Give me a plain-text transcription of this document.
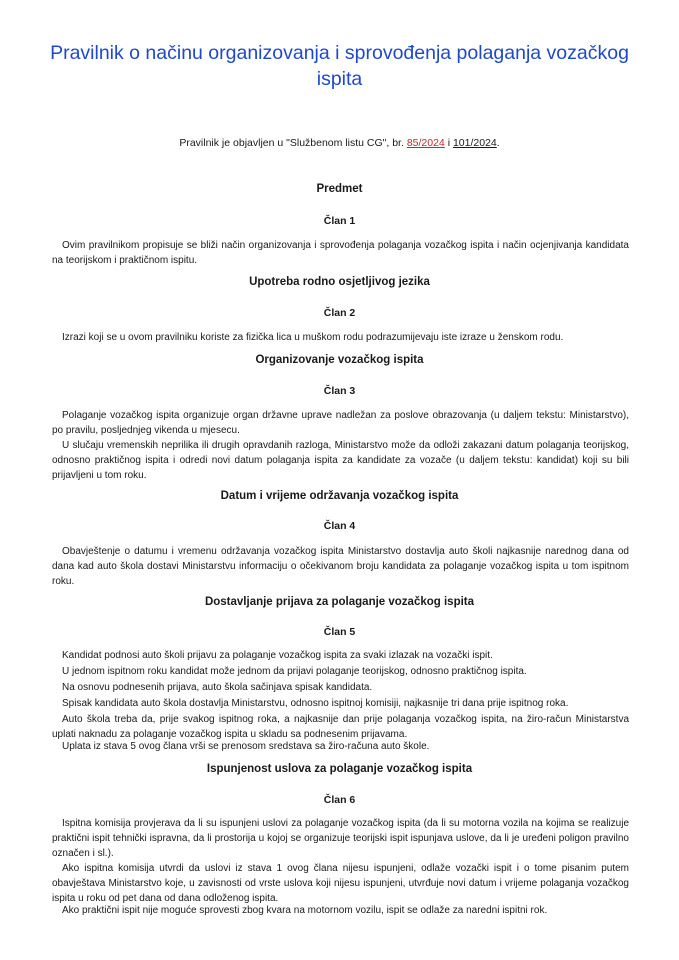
Pravilnik o načinu organizovanja i sprovođenja polaganja vozačkog ispita
Pravilnik je objavljen u "Službenom listu CG", br. 85/2024 i 101/2024.
Predmet
Član 1

Ovim pravilnikom propisuje se bliži način organizovanja i sprovođenja polaganja vozačkog ispita i način ocjenjivanja kandidata na teorijskom i praktičnom ispitu.

Upotreba rodno osjetljivog jezika
Član 2

Izrazi koji se u ovom pravilniku koriste za fizička lica u muškom rodu podrazumijevaju iste izraze u ženskom rodu.

Organizovanje vozačkog ispita
Član 3

Polaganje vozačkog ispita organizuje organ državne uprave nadležan za poslove obrazovanja (u daljem tekstu: Ministarstvo), po pravilu, posljednjeg vikenda u mjesecu.

U slučaju vremenskih neprilika ili drugih opravdanih razloga, Ministarstvo može da odloži zakazani datum polaganja teorijskog, odnosno praktičnog ispita i odredi novi datum polaganja ispita za kandidate za vozače (u daljem tekstu: kandidat) koji su bili prijavljeni u tom roku.

Datum i vrijeme održavanja vozačkog ispita
Član 4

Obavještenje o datumu i vremenu održavanja vozačkog ispita Ministarstvo dostavlja auto školi najkasnije narednog dana od dana kad auto škola dostavi Ministarstvu informaciju o očekivanom broju kandidata za polaganje vozačkog ispita u tom ispitnom roku.

Dostavljanje prijava za polaganje vozačkog ispita
Član 5

Kandidat podnosi auto školi prijavu za polaganje vozačkog ispita za svaki izlazak na vozački ispit.

U jednom ispitnom roku kandidat može jednom da prijavi polaganje teorijskog, odnosno praktičnog ispita.

Na osnovu podnesenih prijava, auto škola sačinjava spisak kandidata.

Spisak kandidata auto škola dostavlja Ministarstvu, odnosno ispitnoj komisiji, najkasnije tri dana prije ispitnog roka.

Auto škola treba da, prije svakog ispitnog roka, a najkasnije dan prije polaganja vozačkog ispita, na žiro-račun Ministarstva uplati naknadu za polaganje vozačkog ispita u skladu sa podnesenim prijavama.

Uplata iz stava 5 ovog člana vrši se prenosom sredstava sa žiro-računa auto škole.

Ispunjenost uslova za polaganje vozačkog ispita
Član 6

Ispitna komisija provjerava da li su ispunjeni uslovi za polaganje vozačkog ispita (da li su motorna vozila na kojima se realizuje praktični ispit tehnički ispravna, da li prostorija u kojoj se organizuje teorijski ispit ispunjava uslove, da li je uređeni poligon pravilno označen i sl.).

Ako ispitna komisija utvrdi da uslovi iz stava 1 ovog člana nijesu ispunjeni, odlaže vozački ispit i o tome pisanim putem obavještava Ministarstvo koje, u zavisnosti od vrste uslova koji nijesu ispunjeni, utvrđuje novi datum i vrijeme polaganja vozačkog ispita u roku od pet dana od dana odloženog ispita.

Ako praktični ispit nije moguće sprovesti zbog kvara na motornom vozilu, ispit se odlaže za naredni ispitni rok.
